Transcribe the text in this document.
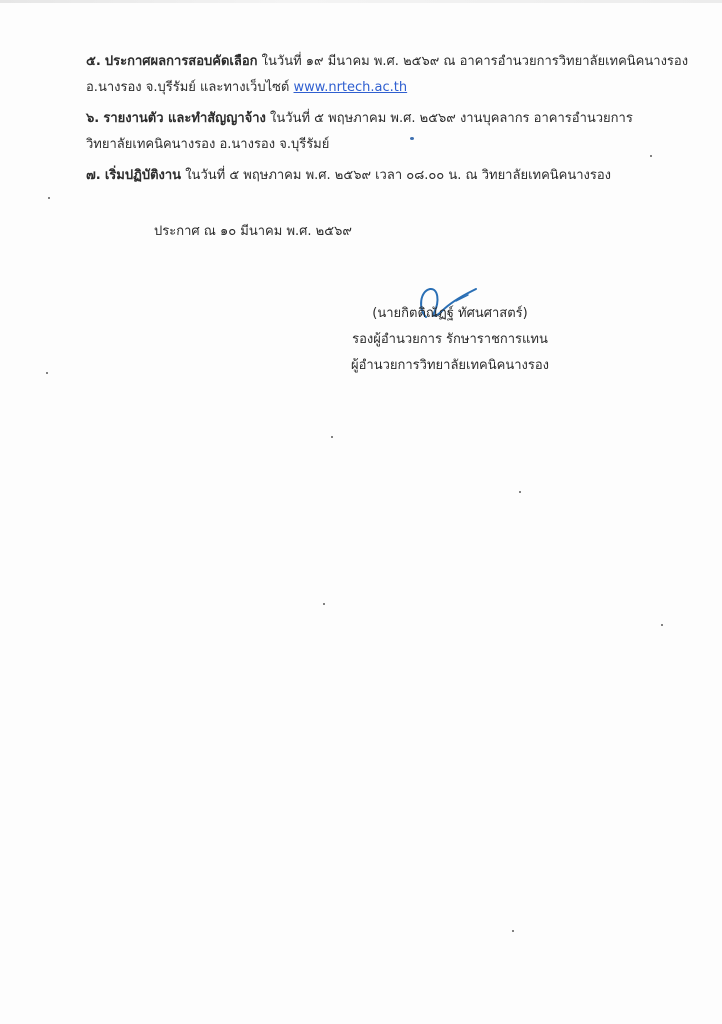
๕. ประกาศผลการสอบคัดเลือก ในวันที่ ๑๙ มีนาคม พ.ศ. ๒๕๖๙ ณ อาคารอำนวยการวิทยาลัยเทคนิคนางรอง
อ.นางรอง จ.บุรีรัมย์ และทางเว็บไซต์ www.nrtech.ac.th
๖. รายงานตัว และทำสัญญาจ้าง ในวันที่ ๕ พฤษภาคม พ.ศ. ๒๕๖๙ งานบุคลากร อาคารอำนวยการ
วิทยาลัยเทคนิคนางรอง อ.นางรอง จ.บุรีรัมย์
๗. เริ่มปฏิบัติงาน ในวันที่ ๕ พฤษภาคม พ.ศ. ๒๕๖๙ เวลา ๐๘.๐๐ น. ณ วิทยาลัยเทคนิคนางรอง
ประกาศ ณ ๑๐ มีนาคม พ.ศ. ๒๕๖๙
(นายกิตติณัฏฐ์ ทัศนศาสตร์)
รองผู้อำนวยการ รักษาราชการแทน
ผู้อำนวยการวิทยาลัยเทคนิคนางรอง
